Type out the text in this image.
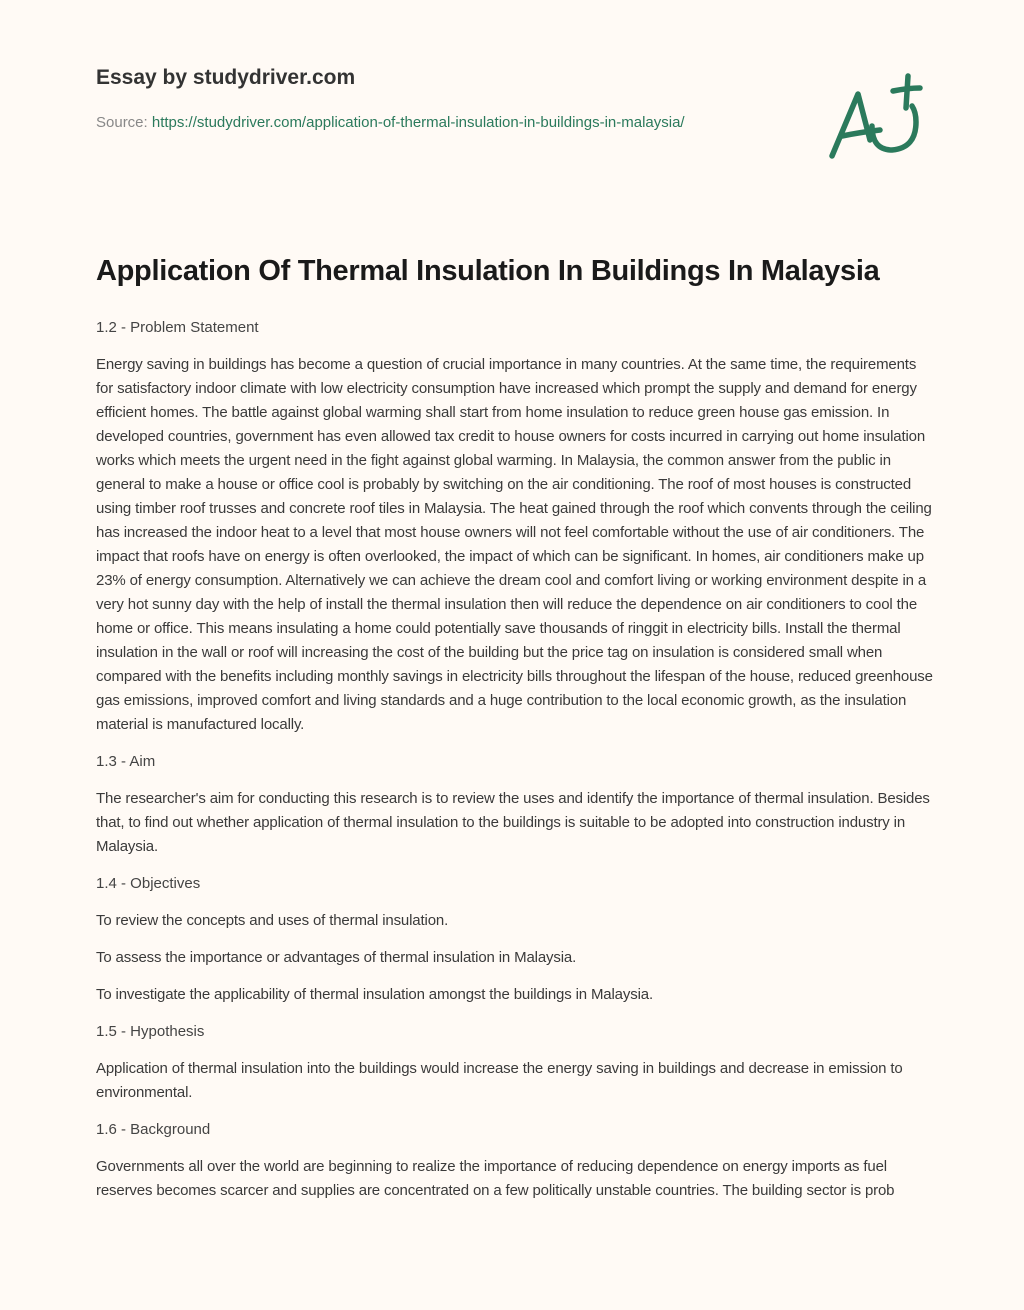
Essay by studydriver.com
Source: https://studydriver.com/application-of-thermal-insulation-in-buildings-in-malaysia/
Application Of Thermal Insulation In Buildings In Malaysia
1.2 - Problem Statement

Energy saving in buildings has become a question of crucial importance in many countries. At the same time, the requirements for satisfactory indoor climate with low electricity consumption have increased which prompt the supply and demand for energy efficient homes. The battle against global warming shall start from home insulation to reduce green house gas emission. In developed countries, government has even allowed tax credit to house owners for costs incurred in carrying out home insulation works which meets the urgent need in the fight against global warming. In Malaysia, the common answer from the public in general to make a house or office cool is probably by switching on the air conditioning. The roof of most houses is constructed using timber roof trusses and concrete roof tiles in Malaysia. The heat gained through the roof which convents through the ceiling has increased the indoor heat to a level that most house owners will not feel comfortable without the use of air conditioners. The impact that roofs have on energy is often overlooked, the impact of which can be significant. In homes, air conditioners make up 23% of energy consumption. Alternatively we can achieve the dream cool and comfort living or working environment despite in a very hot sunny day with the help of install the thermal insulation then will reduce the dependence on air conditioners to cool the home or office. This means insulating a home could potentially save thousands of ringgit in electricity bills. Install the thermal insulation in the wall or roof will increasing the cost of the building but the price tag on insulation is considered small when compared with the benefits including monthly savings in electricity bills throughout the lifespan of the house, reduced greenhouse gas emissions, improved comfort and living standards and a huge contribution to the local economic growth, as the insulation material is manufactured locally.

1.3 - Aim

The researcher's aim for conducting this research is to review the uses and identify the importance of thermal insulation. Besides that, to find out whether application of thermal insulation to the buildings is suitable to be adopted into construction industry in Malaysia.

1.4 - Objectives

To review the concepts and uses of thermal insulation.

To assess the importance or advantages of thermal insulation in Malaysia.

To investigate the applicability of thermal insulation amongst the buildings in Malaysia.

1.5 - Hypothesis

Application of thermal insulation into the buildings would increase the energy saving in buildings and decrease in emission to environmental.

1.6 - Background

Governments all over the world are beginning to realize the importance of reducing dependence on energy imports as fuel reserves becomes scarcer and supplies are concentrated on a few politically unstable countries. The building sector is prob
